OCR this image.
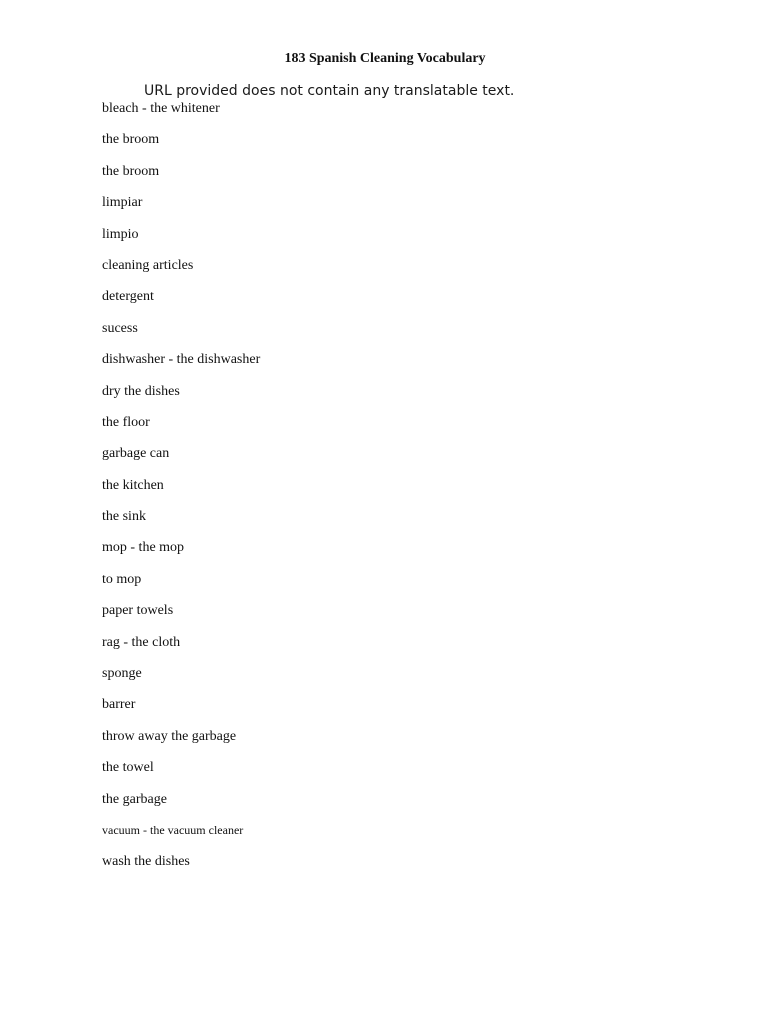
183 Spanish Cleaning Vocabulary
URL provided does not contain any translatable text.
bleach - the whitener
the broom
the broom
limpiar
limpio
cleaning articles
detergent
sucess
dishwasher - the dishwasher
dry the dishes
the floor
garbage can
the kitchen
the sink
mop - the mop
to mop
paper towels
rag - the cloth
sponge
barrer
throw away the garbage
the towel
the garbage
vacuum - the vacuum cleaner
wash the dishes
